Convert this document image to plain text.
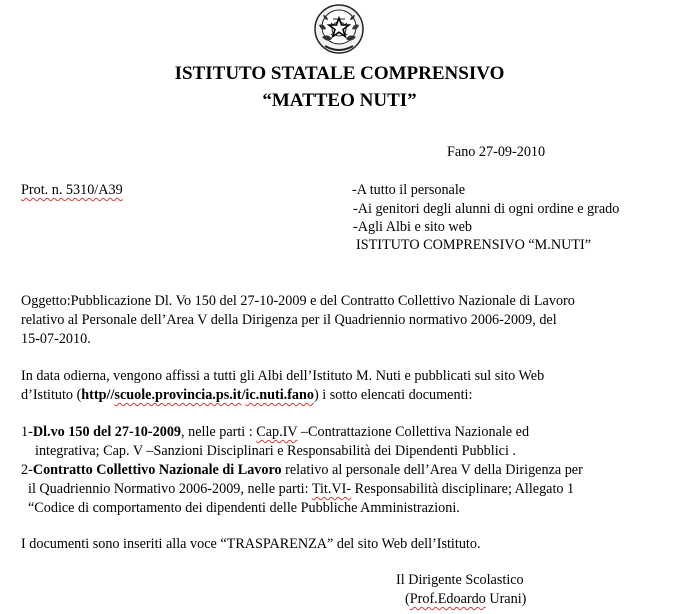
ISTITUTO STATALE COMPRENSIVO
“MATTEO NUTI”
Fano 27-09-2010
Prot. n. 5310/A39	-A tutto il personale
-Ai genitori degli alunni di ogni ordine e grado
-Agli Albi e sito web
ISTITUTO COMPRENSIVO “M.NUTI”
Oggetto:Pubblicazione Dl. Vo 150 del 27-10-2009 e del Contratto Collettivo Nazionale di Lavoro
relativo al Personale dell’Area V della Dirigenza per il Quadriennio normativo 2006-2009, del
15-07-2010.
In data odierna, vengono affissi a tutti gli Albi dell’Istituto M. Nuti e pubblicati sul sito Web
d’Istituto (http//scuole.provincia.ps.it/ic.nuti.fano) i sotto elencati documenti:
1-Dl.vo 150 del 27-10-2009, nelle parti : Cap.IV –Contrattazione Collettiva Nazionale ed
integrativa; Cap. V –Sanzioni Disciplinari e Responsabilità dei Dipendenti Pubblici .
2-Contratto Collettivo Nazionale di Lavoro relativo al personale dell’Area V della Dirigenza per
il Quadriennio Normativo 2006-2009, nelle parti: Tit.VI- Responsabilità disciplinare; Allegato 1
“Codice di comportamento dei dipendenti delle Pubbliche Amministrazioni.
I documenti sono inseriti alla voce “TRASPARENZA” del sito Web dell’Istituto.
Il Dirigente Scolastico
(Prof.Edoardo Urani)
